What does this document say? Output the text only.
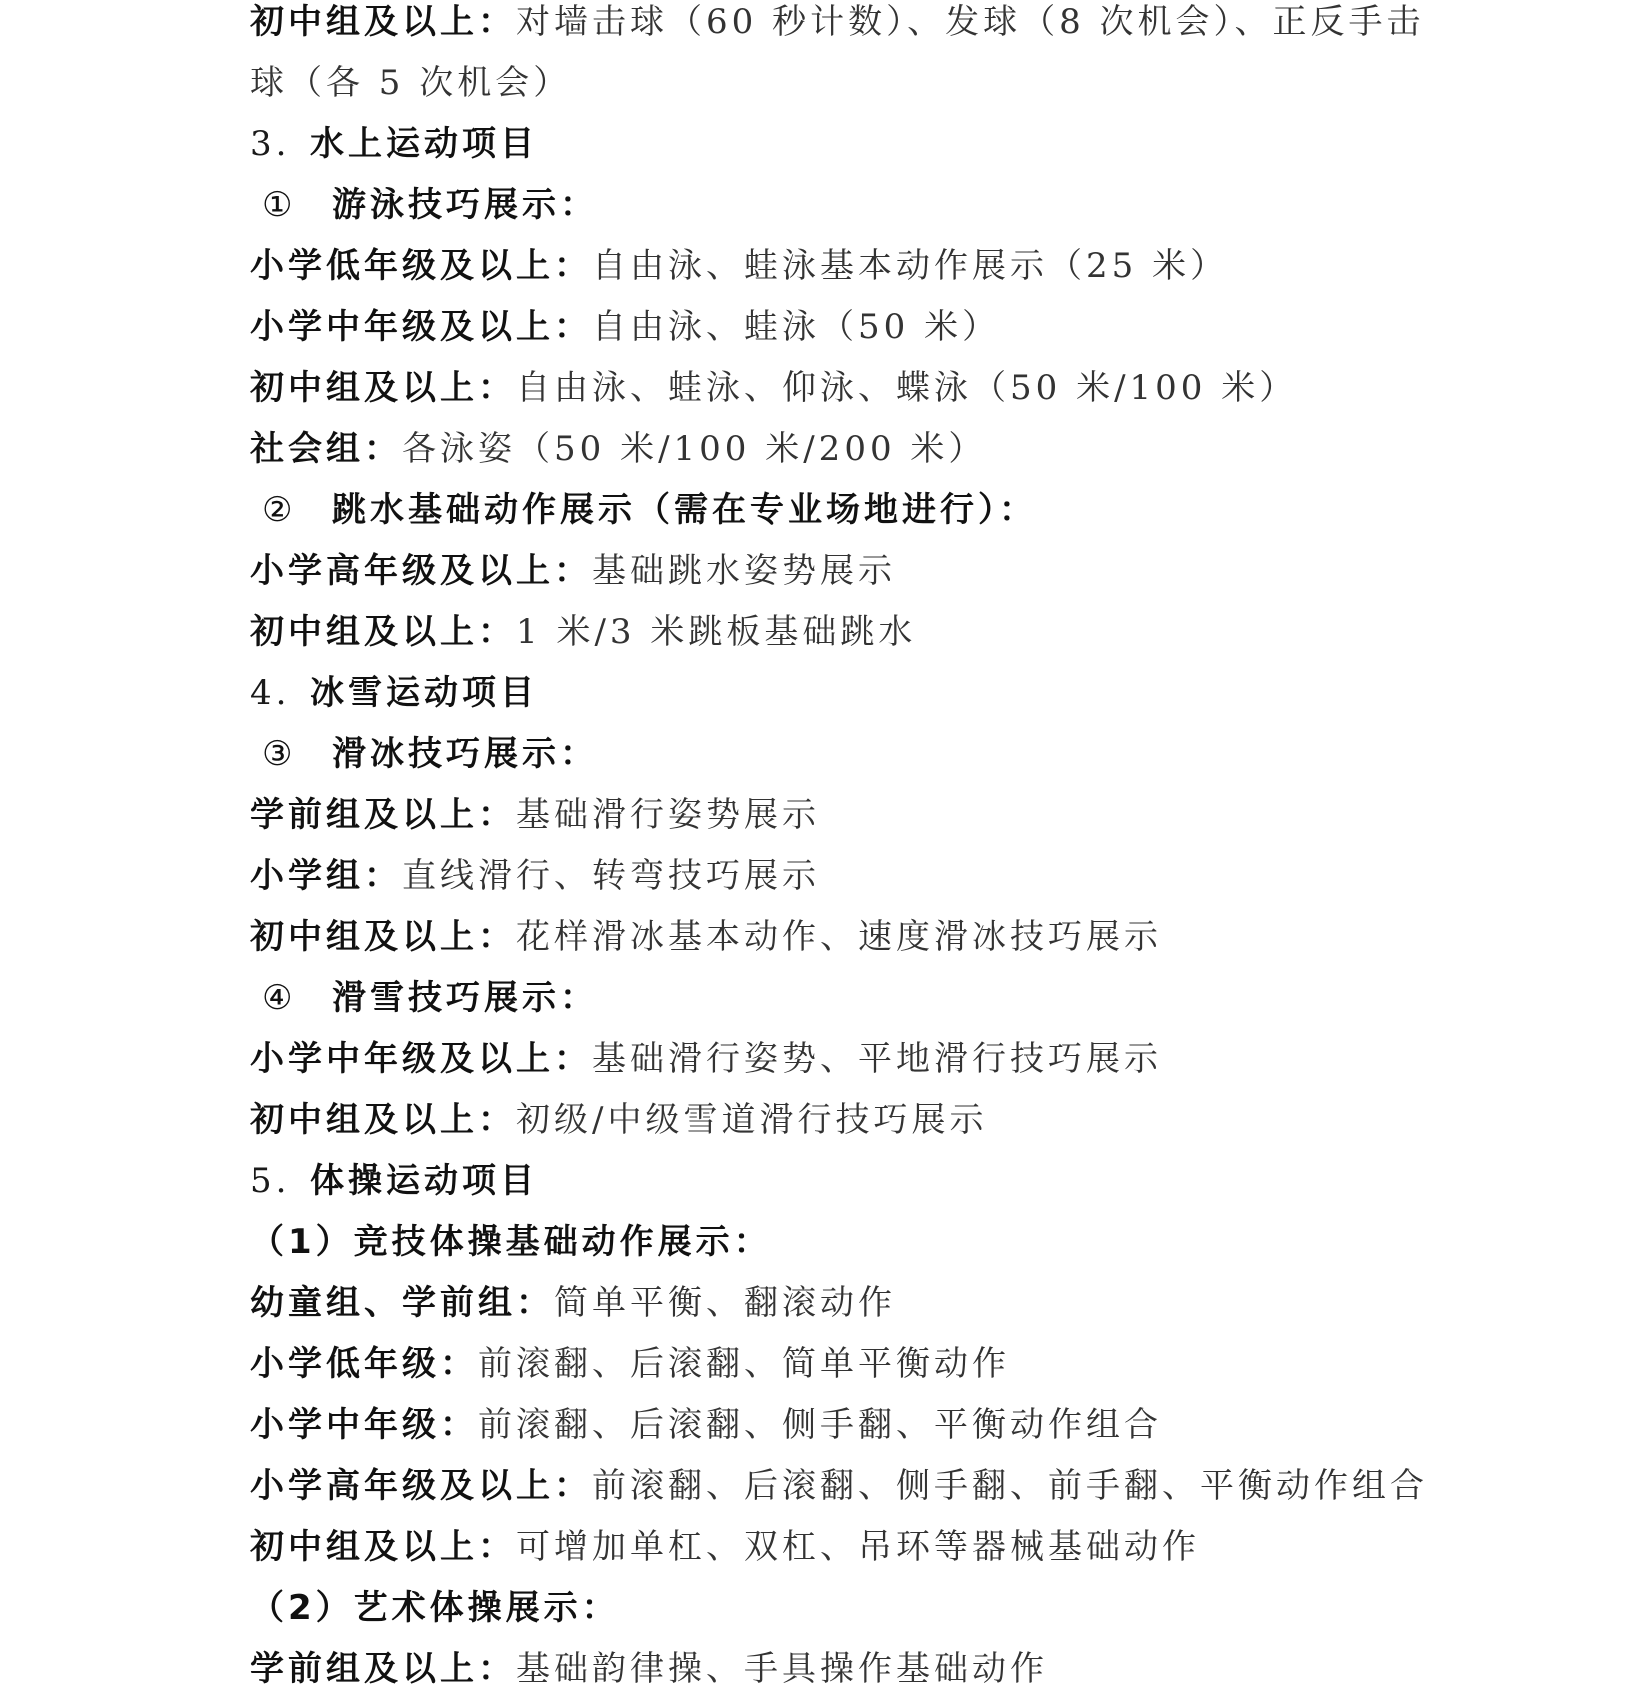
初中组及以上：对墙击球（60 秒计数）、发球（8 次机会）、正反手击
球（各 5 次机会）
3. 水上运动项目
① 游泳技巧展示：
小学低年级及以上：自由泳、蛙泳基本动作展示（25 米）
小学中年级及以上：自由泳、蛙泳（50 米）
初中组及以上：自由泳、蛙泳、仰泳、蝶泳（50 米/100 米）
社会组：各泳姿（50 米/100 米/200 米）
② 跳水基础动作展示（需在专业场地进行）：
小学高年级及以上：基础跳水姿势展示
初中组及以上：1 米/3 米跳板基础跳水
4. 冰雪运动项目
③ 滑冰技巧展示：
学前组及以上：基础滑行姿势展示
小学组：直线滑行、转弯技巧展示
初中组及以上：花样滑冰基本动作、速度滑冰技巧展示
④ 滑雪技巧展示：
小学中年级及以上：基础滑行姿势、平地滑行技巧展示
初中组及以上：初级/中级雪道滑行技巧展示
5. 体操运动项目
（1）竞技体操基础动作展示：
幼童组、学前组：简单平衡、翻滚动作
小学低年级：前滚翻、后滚翻、简单平衡动作
小学中年级：前滚翻、后滚翻、侧手翻、平衡动作组合
小学高年级及以上：前滚翻、后滚翻、侧手翻、前手翻、平衡动作组合
初中组及以上：可增加单杠、双杠、吊环等器械基础动作
（2）艺术体操展示：
学前组及以上：基础韵律操、手具操作基础动作
